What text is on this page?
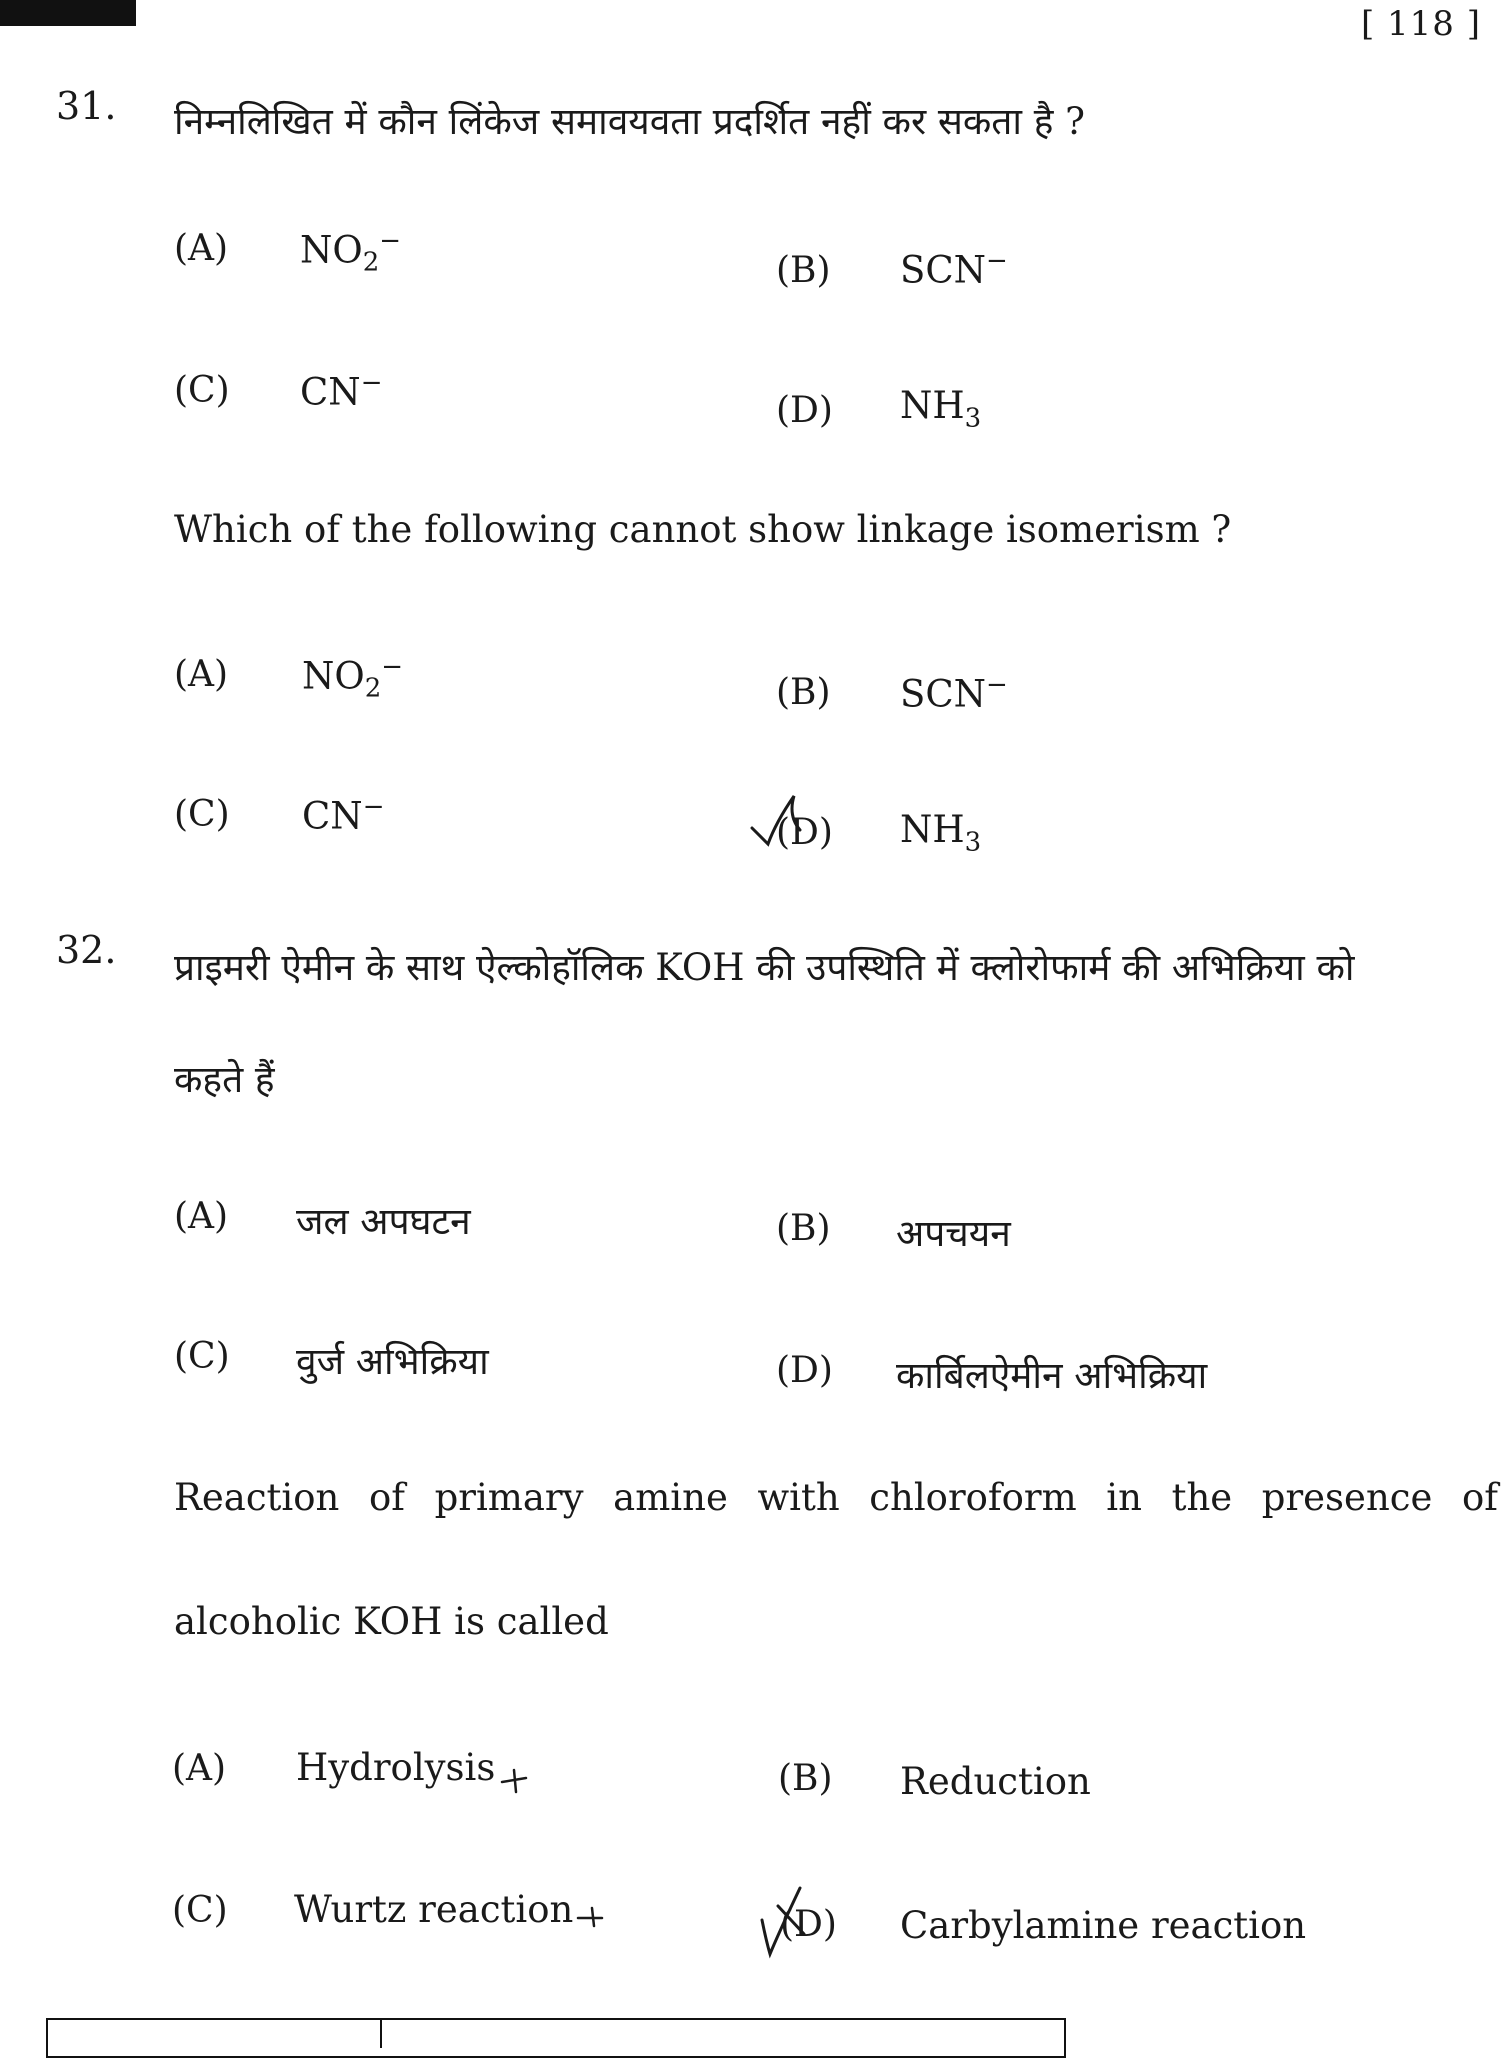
[ 118 ]
31. निम्नलिखित में कौन लिंकेज समावयवता प्रदर्शित नहीं कर सकता है ?
(A) $NO_2^-$
(B) SCN−
(C) CN−
(D) $NH_3$
Which of the following cannot show linkage isomerism ?
(A) $NO_2^-$
(B) SCN−
(C) CN−
(D) $NH_3$
32. प्राइमरी ऐमीन के साथ ऐल्कोहॉलिक KOH की उपस्थिति में क्लोरोफार्म की अभिक्रिया को
कहते हैं
(A) जल अपघटन	(B) अपचयन
(C) वुर्ज अभिक्रिया	(D) कार्बिलऐमीन अभिक्रिया
Reaction of primary amine with chloroform in the presence of
alcoholic KOH is called
(A) Hydrolysis	(B) Reduction
(C) Wurtz reaction	(D) Carbylamine reaction
